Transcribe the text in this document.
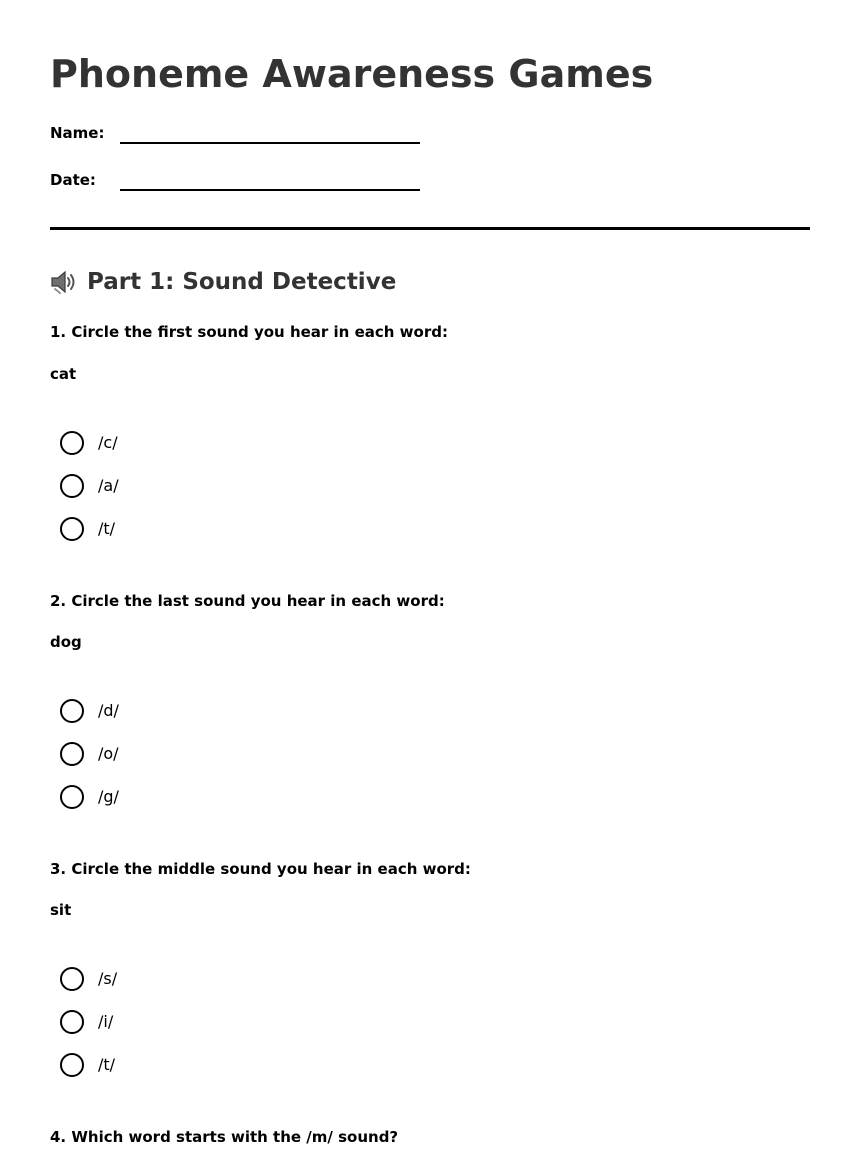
Phoneme Awareness Games
Name:
Date:
Part 1: Sound Detective
1. Circle the first sound you hear in each word:
cat
/c/
/a/
/t/
2. Circle the last sound you hear in each word:
dog
/d/
/o/
/g/
3. Circle the middle sound you hear in each word:
sit
/s/
/i/
/t/
4. Which word starts with the /m/ sound?
